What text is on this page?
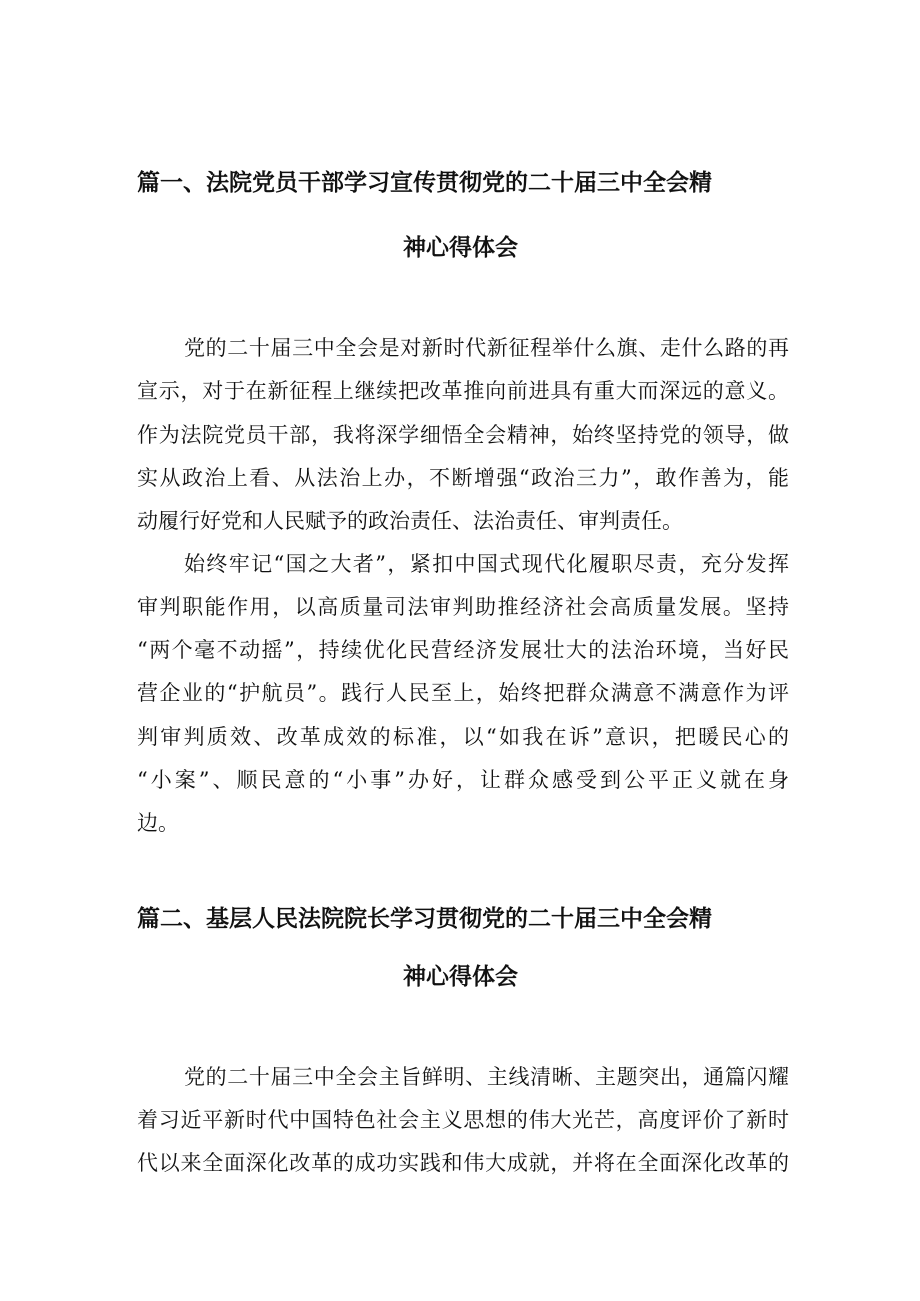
篇一、法院党员干部学习宣传贯彻党的二十届三中全会精
神心得体会
党的二十届三中全会是对新时代新征程举什么旗、走什么路的再
宣示，对于在新征程上继续把改革推向前进具有重大而深远的意义。
作为法院党员干部，我将深学细悟全会精神，始终坚持党的领导，做
实从政治上看、从法治上办，不断增强“政治三力”，敢作善为，能
动履行好党和人民赋予的政治责任、法治责任、审判责任。
始终牢记“国之大者”，紧扣中国式现代化履职尽责，充分发挥
审判职能作用，以高质量司法审判助推经济社会高质量发展。坚持
“两个毫不动摇”，持续优化民营经济发展壮大的法治环境，当好民
营企业的“护航员”。践行人民至上，始终把群众满意不满意作为评
判审判质效、改革成效的标准，以“如我在诉”意识，把暖民心的
“小案”、顺民意的“小事”办好，让群众感受到公平正义就在身
边。
篇二、基层人民法院院长学习贯彻党的二十届三中全会精
神心得体会
党的二十届三中全会主旨鲜明、主线清晰、主题突出，通篇闪耀
着习近平新时代中国特色社会主义思想的伟大光芒，高度评价了新时
代以来全面深化改革的成功实践和伟大成就，并将在全面深化改革的
